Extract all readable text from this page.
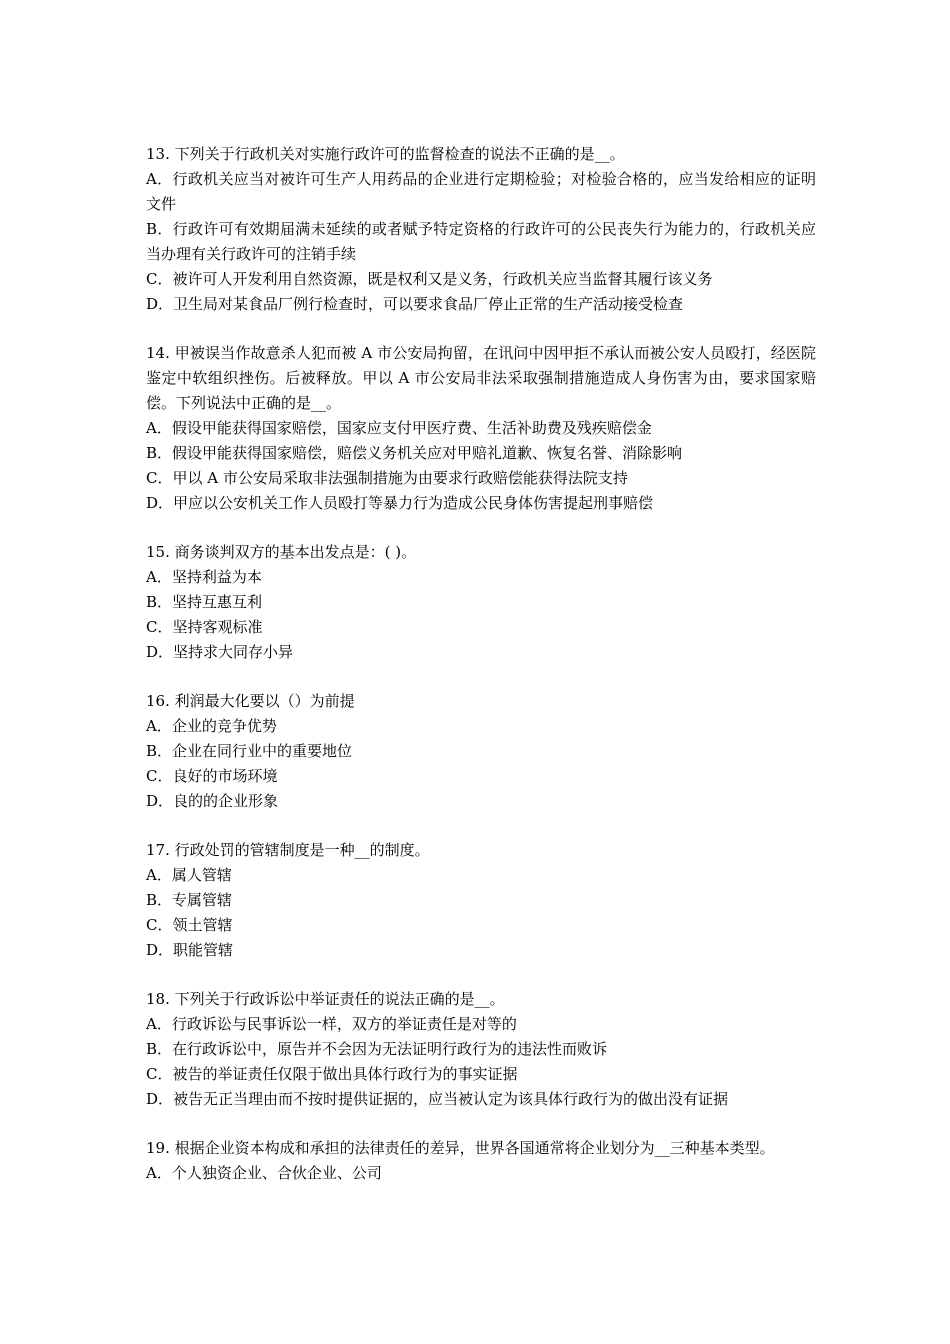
13. 下列关于行政机关对实施行政许可的监督检查的说法不正确的是__。
A．行政机关应当对被许可生产人用药品的企业进行定期检验；对检验合格的，应当发给相应的证明文件
B．行政许可有效期届满未延续的或者赋予特定资格的行政许可的公民丧失行为能力的，行政机关应当办理有关行政许可的注销手续
C．被许可人开发利用自然资源，既是权利又是义务，行政机关应当监督其履行该义务
D．卫生局对某食品厂例行检查时，可以要求食品厂停止正常的生产活动接受检查
14. 甲被误当作故意杀人犯而被 A 市公安局拘留，在讯问中因甲拒不承认而被公安人员殴打，经医院鉴定中软组织挫伤。后被释放。甲以 A 市公安局非法采取强制措施造成人身伤害为由，要求国家赔偿。下列说法中正确的是__。
A．假设甲能获得国家赔偿，国家应支付甲医疗费、生活补助费及残疾赔偿金
B．假设甲能获得国家赔偿，赔偿义务机关应对甲赔礼道歉、恢复名誉、消除影响
C．甲以 A 市公安局采取非法强制措施为由要求行政赔偿能获得法院支持
D．甲应以公安机关工作人员殴打等暴力行为造成公民身体伤害提起刑事赔偿
15. 商务谈判双方的基本出发点是：( )。
A．坚持利益为本
B．坚持互惠互利
C．坚持客观标准
D．坚持求大同存小异
16. 利润最大化要以（）为前提
A．企业的竞争优势
B．企业在同行业中的重要地位
C．良好的市场环境
D．良的的企业形象
17. 行政处罚的管辖制度是一种__的制度。
A．属人管辖
B．专属管辖
C．领土管辖
D．职能管辖
18. 下列关于行政诉讼中举证责任的说法正确的是__。
A．行政诉讼与民事诉讼一样，双方的举证责任是对等的
B．在行政诉讼中，原告并不会因为无法证明行政行为的违法性而败诉
C．被告的举证责任仅限于做出具体行政行为的事实证据
D．被告无正当理由而不按时提供证据的，应当被认定为该具体行政行为的做出没有证据
19. 根据企业资本构成和承担的法律责任的差异，世界各国通常将企业划分为__三种基本类型。
A．个人独资企业、合伙企业、公司
